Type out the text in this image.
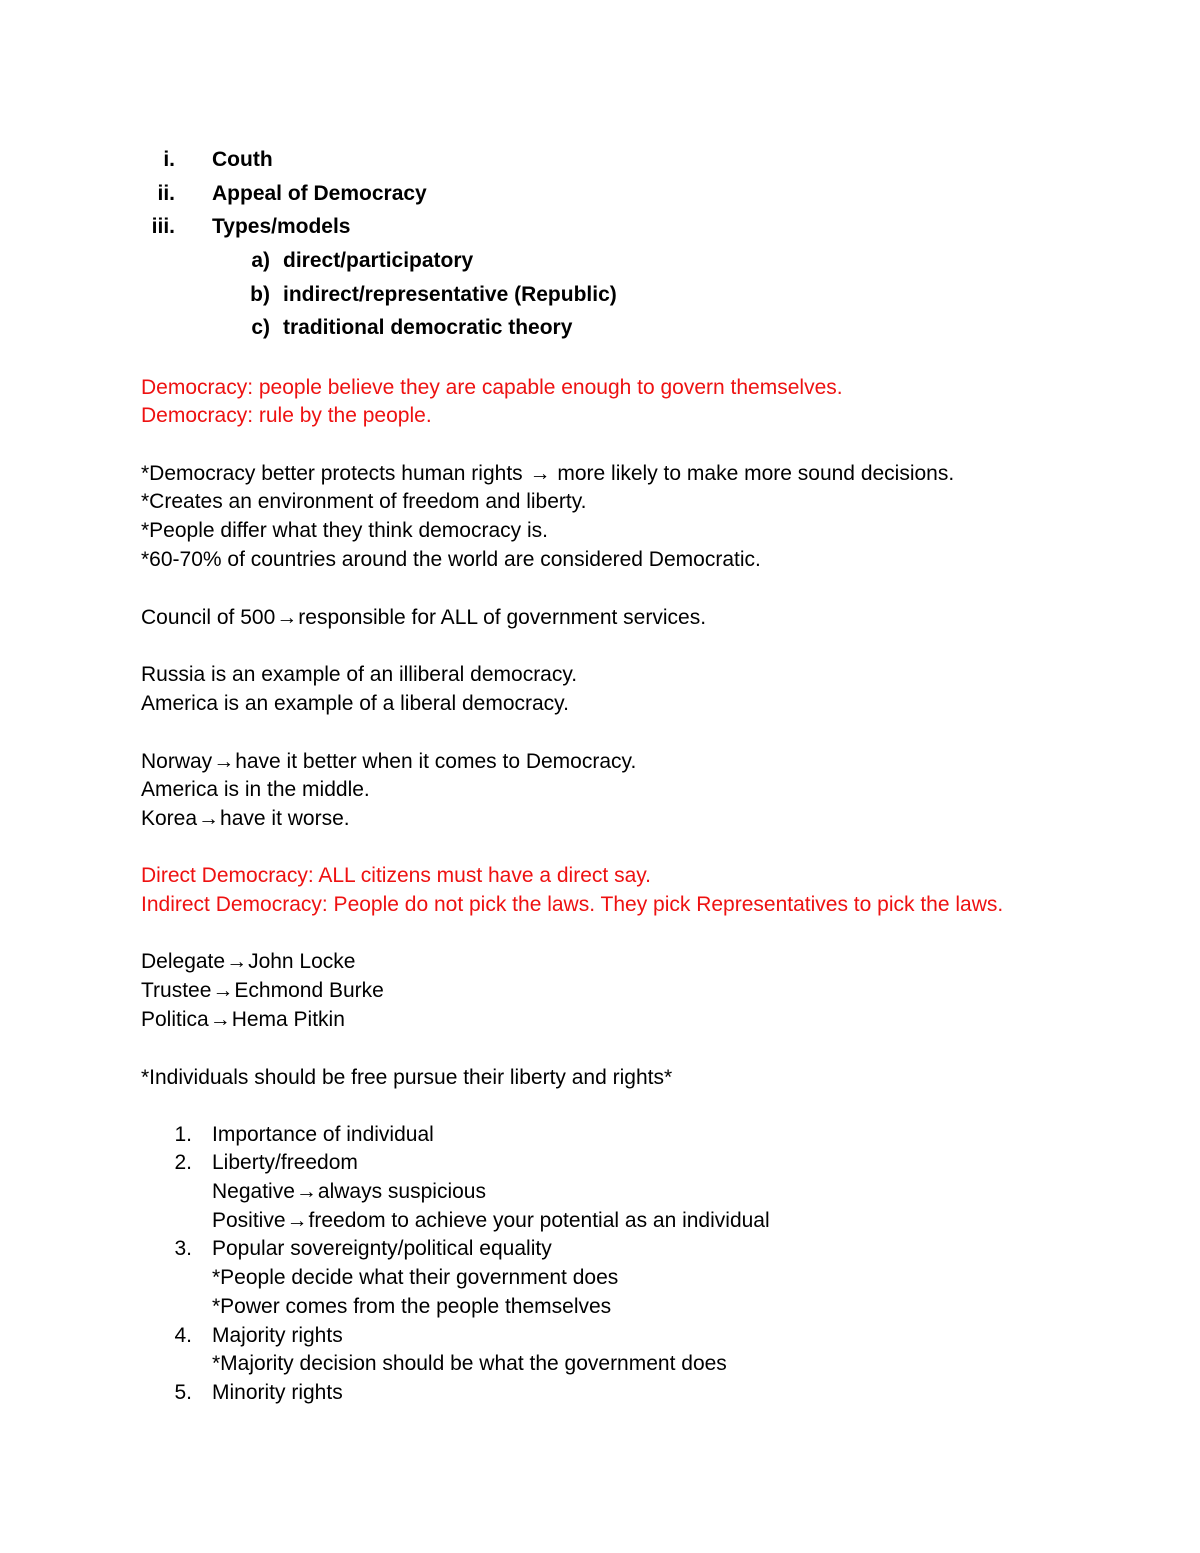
i. Couth
ii. Appeal of Democracy
iii. Types/models
a) direct/participatory
b) indirect/representative (Republic)
c) traditional democratic theory
Democracy: people believe they are capable enough to govern themselves.
Democracy: rule by the people.
*Democracy better protects human rights → more likely to make more sound decisions.
*Creates an environment of freedom and liberty.
*People differ what they think democracy is.
*60-70% of countries around the world are considered Democratic.
Council of 500→responsible for ALL of government services.
Russia is an example of an illiberal democracy.
America is an example of a liberal democracy.
Norway→have it better when it comes to Democracy.
America is in the middle.
Korea→have it worse.
Direct Democracy: ALL citizens must have a direct say.
Indirect Democracy: People do not pick the laws. They pick Representatives to pick the laws.
Delegate→John Locke
Trustee→Echmond Burke
Politica→Hema Pitkin
*Individuals should be free pursue their liberty and rights*
1. Importance of individual
2. Liberty/freedom
Negative→always suspicious
Positive→freedom to achieve your potential as an individual
3. Popular sovereignty/political equality
*People decide what their government does
*Power comes from the people themselves
4. Majority rights
*Majority decision should be what the government does
5. Minority rights
